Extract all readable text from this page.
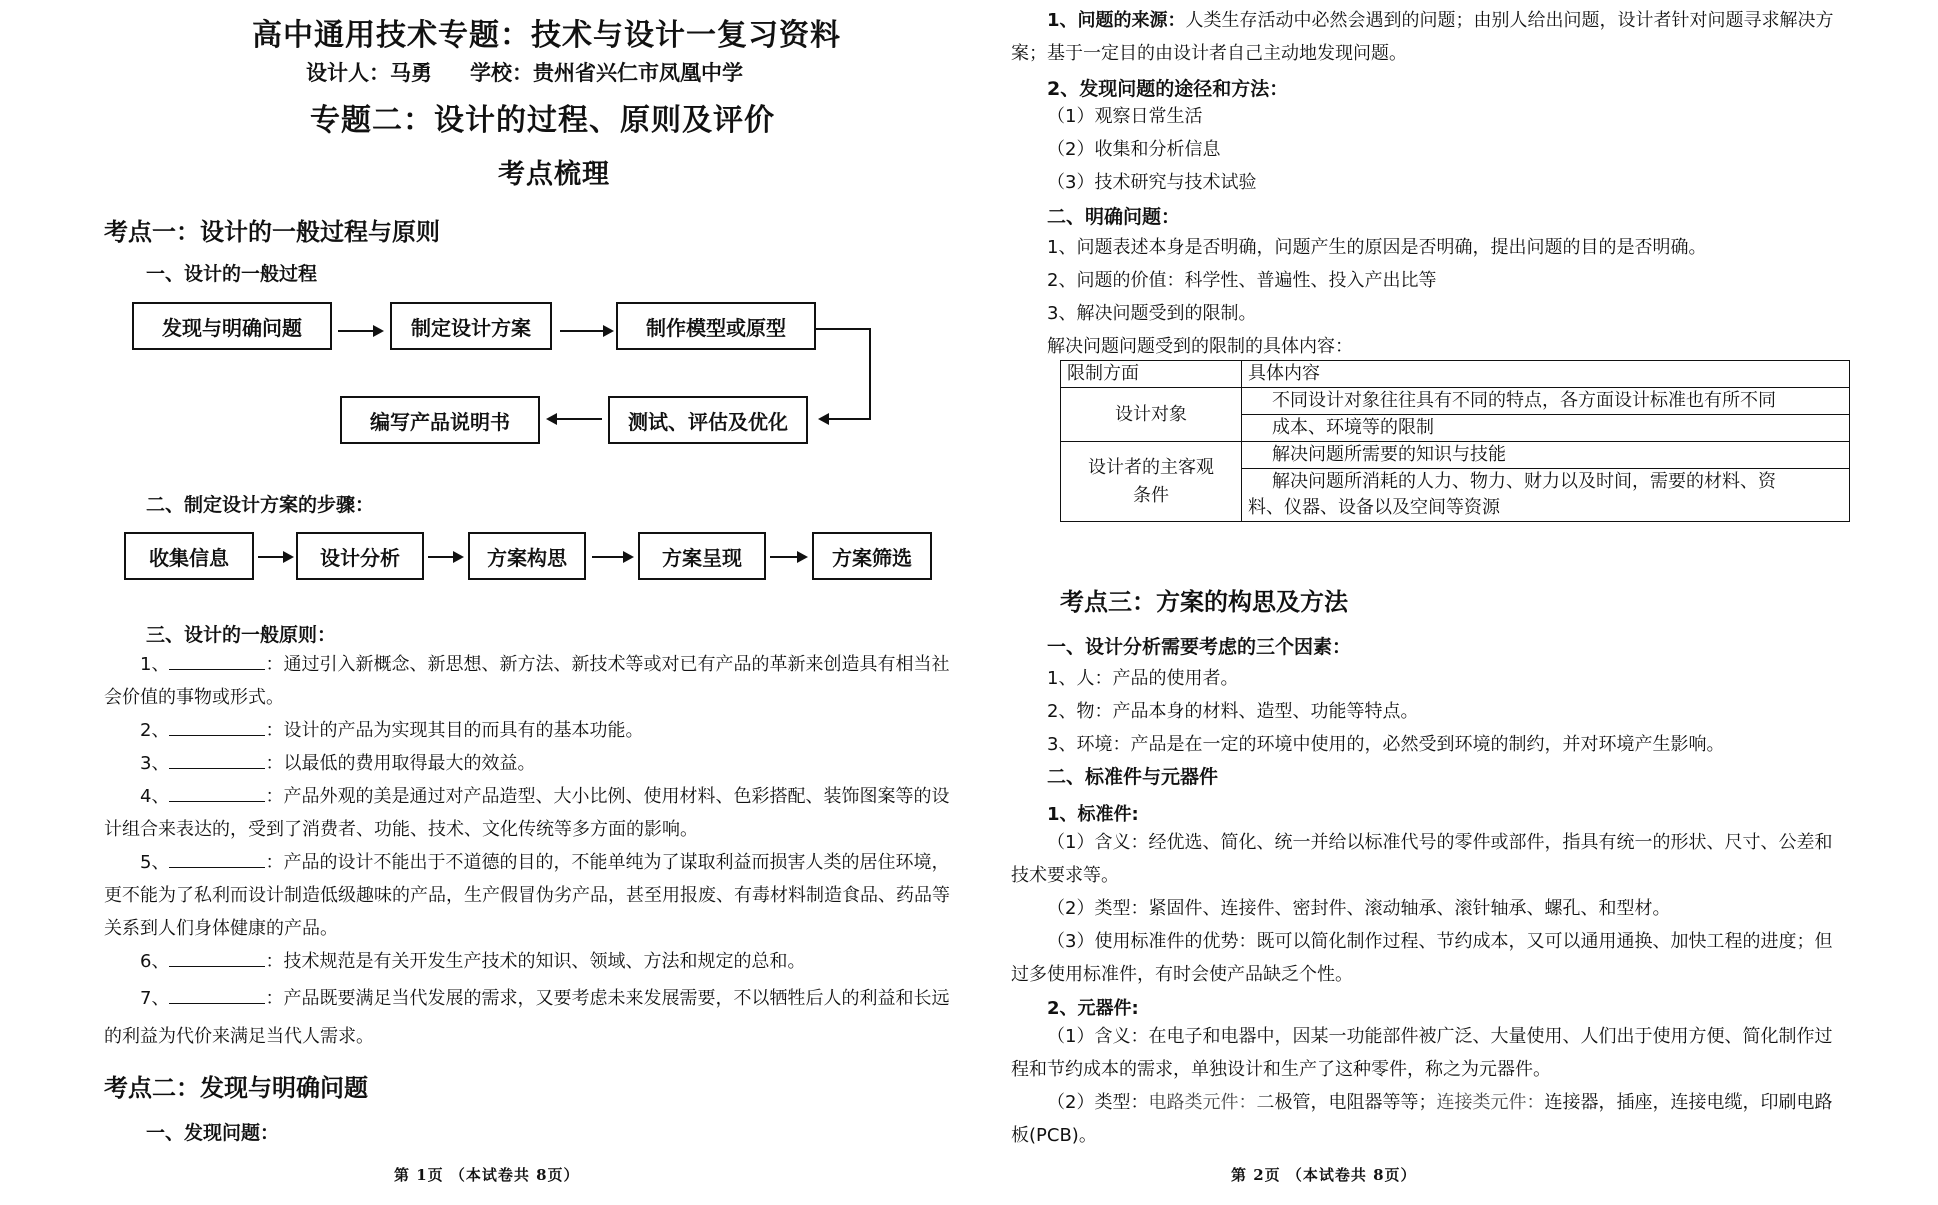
高中通用技术专题：技术与设计一复习资料
设计人：马勇 学校：贵州省兴仁市凤凰中学
专题二：设计的过程、原则及评价
考点梳理
考点一：设计的一般过程与原则
一、设计的一般过程
发现与明确问题	制定设计方案	制作模型或原型
测试、评估及优化
编写产品说明书
二、制定设计方案的步骤：
收集信息	设计分析	方案构思	方案呈现	方案筛选
三、设计的一般原则：
1、	：通过引入新概念、新思想、新方法、新技术等或对已有产品的革新来创造具有相当社会价值的事物或形式。
2、	：设计的产品为实现其目的而具有的基本功能。
3、	：以最低的费用取得最大的效益。
4、	：产品外观的美是通过对产品造型、大小比例、使用材料、色彩搭配、装饰图案等的设计组合来表达的，受到了消费者、功能、技术、文化传统等多方面的影响。
5、	：产品的设计不能出于不道德的目的，不能单纯为了谋取利益而损害人类的居住环境，更不能为了私利而设计制造低级趣味的产品，生产假冒伪劣产品，甚至用报废、有毒材料制造食品、药品等关系到人们身体健康的产品。
6、	：技术规范是有关开发生产技术的知识、领域、方法和规定的总和。
7、	：产品既要满足当代发展的需求，又要考虑未来发展需要，不以牺牲后人的利益和长远的利益为代价来满足当代人需求。
考点二：发现与明确问题
一、发现问题：
第 1页 （本试卷共 8页）
1、问题的来源：人类生存活动中必然会遇到的问题；由别人给出问题，设计者针对问题寻求解决方案；基于一定目的由设计者自己主动地发现问题。
2、发现问题的途径和方法：
（1）观察日常生活
（2）收集和分析信息
（3）技术研究与技术试验
二、明确问题：
1、问题表述本身是否明确，问题产生的原因是否明确，提出问题的目的是否明确。
2、问题的价值：科学性、普遍性、投入产出比等
3、解决问题受到的限制。
解决问题问题受到的限制的具体内容：
限制方面	具体内容
设计对象	不同设计对象往往具有不同的特点，各方面设计标准也有所不同
	成本、环境等的限制
设计者的主客观
条件	解决问题所需要的知识与技能
	解决问题所消耗的人力、物力、财力以及时间，需要的材料、资
料、仪器、设备以及空间等资源
考点三：方案的构思及方法
一、设计分析需要考虑的三个因素：
1、人：产品的使用者。
2、物：产品本身的材料、造型、功能等特点。
3、环境：产品是在一定的环境中使用的，必然受到环境的制约，并对环境产生影响。
二、标准件与元器件
1、标准件:
（1）含义：经优选、简化、统一并给以标准代号的零件或部件，指具有统一的形状、尺寸、公差和技术要求等。
（2）类型：紧固件、连接件、密封件、滚动轴承、滚针轴承、螺孔、和型材。
（3）使用标准件的优势：既可以简化制作过程、节约成本，又可以通用通换、加快工程的进度；但过多使用标准件，有时会使产品缺乏个性。
2、元器件:
（1）含义：在电子和电器中，因某一功能部件被广泛、大量使用、人们出于使用方便、简化制作过程和节约成本的需求，单独设计和生产了这种零件，称之为元器件。
（2）类型：电路类元件：二极管，电阻器等等；连接类元件：连接器，插座，连接电缆，印刷电路板(PCB)。
第 2页 （本试卷共 8页）
